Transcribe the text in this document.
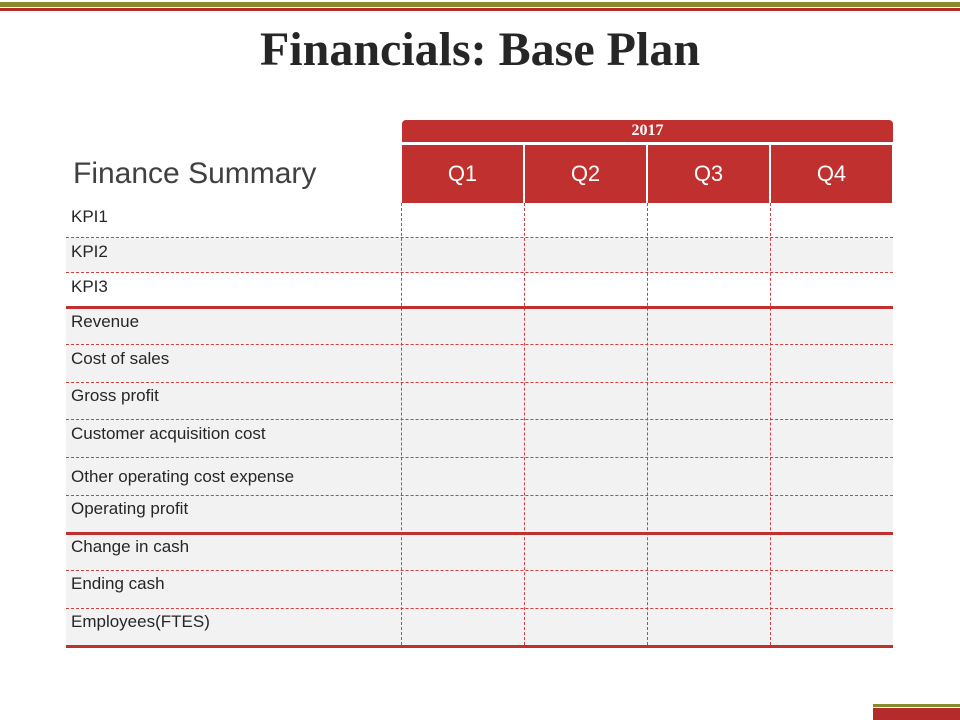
Financials: Base Plan
2017
Finance Summary	Q1	Q2	Q3	Q4
KPI1
KPI2
KPI3
Revenue
Cost of sales
Gross profit
Customer acquisition cost
Other operating cost expense
Operating profit
Change in cash
Ending cash
Employees(FTES)
